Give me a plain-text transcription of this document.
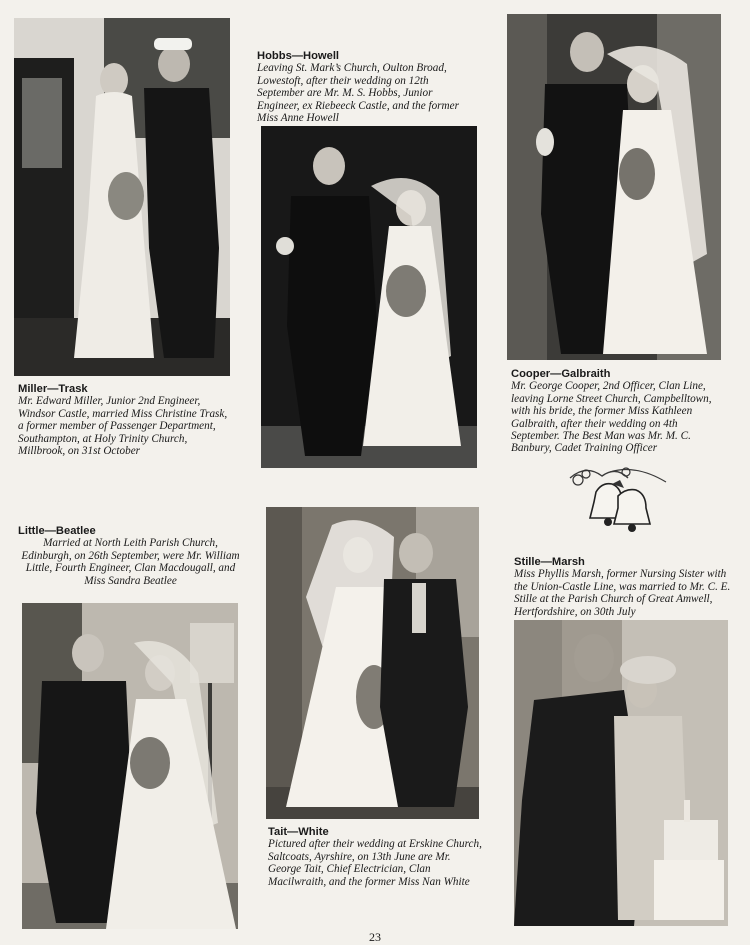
Miller—Trask
Mr. Edward Miller, Junior 2nd Engineer, Windsor Castle, married Miss Christine Trask, a former member of Passenger Department, Southampton, at Holy Trinity Church, Millbrook, on 31st October
Hobbs—Howell
Leaving St. Mark’s Church, Oulton Broad, Lowestoft, after their wedding on 12th September are Mr. M. S. Hobbs, Junior Engineer, ex Riebeeck Castle, and the former Miss Anne Howell
Cooper—Galbraith
Mr. George Cooper, 2nd Officer, Clan Line, leaving Lorne Street Church, Campbelltown, with his bride, the former Miss Kathleen Galbraith, after their wedding on 4th September. The Best Man was Mr. M. C. Banbury, Cadet Training Officer
Little—Beatlee
Married at North Leith Parish Church, Edinburgh, on 26th September, were Mr. William Little, Fourth Engineer, Clan Macdougall, and Miss Sandra Beatlee
Stille—Marsh
Miss Phyllis Marsh, former Nursing Sister with the Union-Castle Line, was married to Mr. C. E. Stille at the Parish Church of Great Amwell, Hertfordshire, on 30th July
Tait—White
Pictured after their wedding at Erskine Church, Saltcoats, Ayrshire, on 13th June are Mr. George Tait, Chief Electrician, Clan Macilwraith, and the former Miss Nan White
23
